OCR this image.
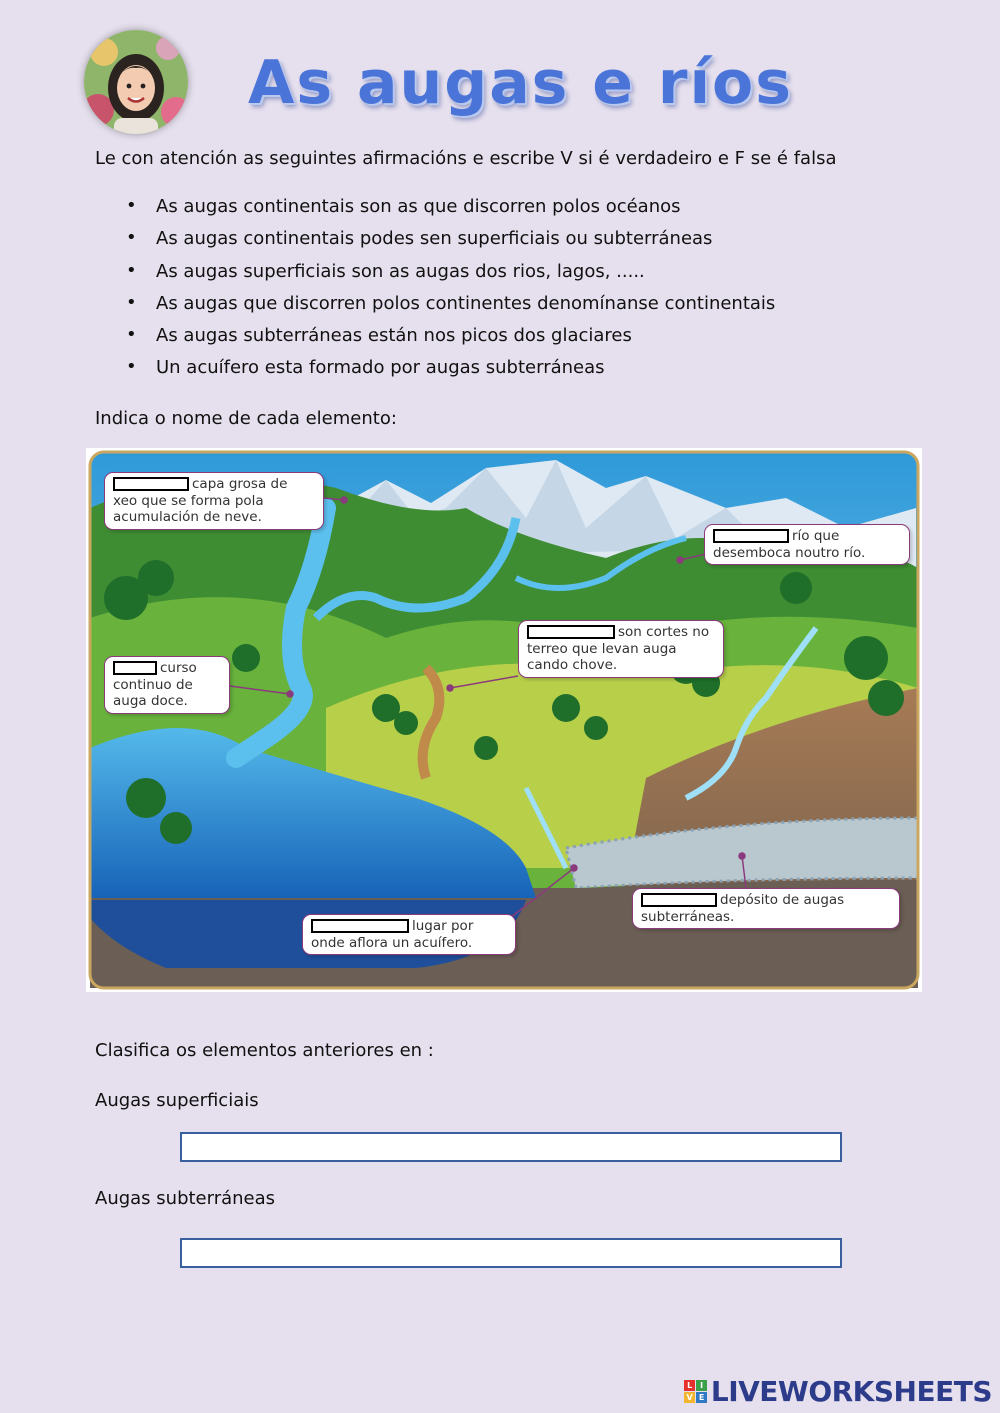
As augas e ríos
Le con atención as seguintes afirmacións e escribe V si é verdadeiro e F se é falsa
• As augas continentais son as que discorren polos océanos
• As augas continentais podes sen superficiais ou subterráneas
• As augas superficiais son as augas dos rios, lagos, .....
• As augas que discorren polos continentes denomínanse continentais
• As augas subterráneas están nos picos dos glaciares
• Un acuífero esta formado por augas subterráneas
Indica o nome de cada elemento:
capa grosa de xeo que se forma pola acumulación de neve.
río que desemboca noutro río.
curso continuo de auga doce.
son cortes no terreo que levan auga cando chove.
depósito de augas subterráneas.
lugar por onde aflora un acuífero.
Clasifica os elementos anteriores en :
Augas superficiais
Augas subterráneas
L	I
V E LIVEWORKSHEETS
